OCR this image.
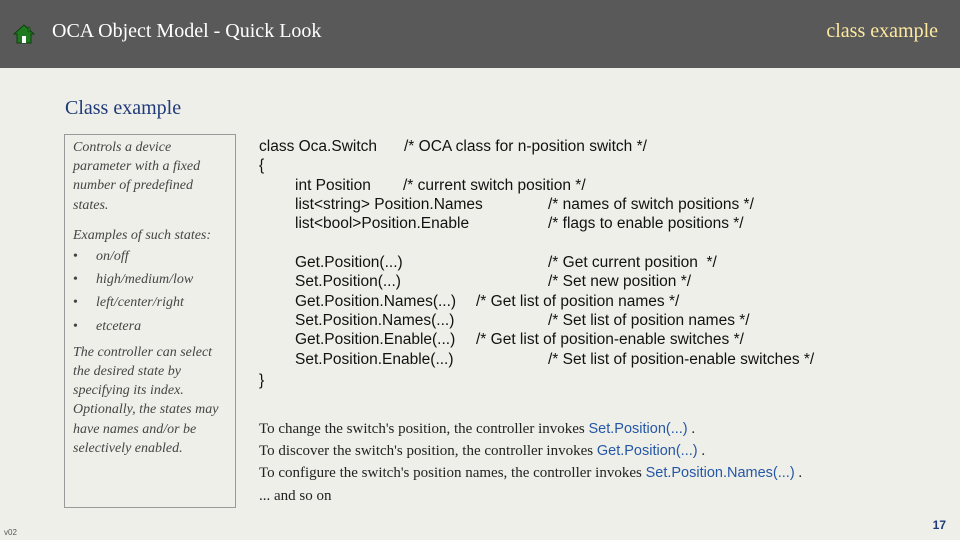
OCA Object Model - Quick Look	class example
Class example

Controls a device parameter with a fixed number of predefined states.

Examples of such states:

•	on/off
•	high/medium/low
•	left/center/right
•	etcetera

The controller can select the desired state by specifying its index. Optionally, the states may have names and/or be selectively enabled.

class Oca.Switch /* OCA class for n-position switch */
{
int Position /* current switch position */
list<string> Position.Names	/* names of switch positions */
list<bool>Position.Enable	/* flags to enable positions */
Get.Position(...)	/* Get current position  */
Set.Position(...)	/* Set new position */
Get.Position.Names(...) /* Get list of position names */
Set.Position.Names(...)	/* Set list of position names */
Get.Position.Enable(...) /* Get list of position-enable switches */
Set.Position.Enable(...)	/* Set list of position-enable switches */
}
To change the switch's position, the controller invokes Set.Position(...) .
To discover the switch's position, the controller invokes Get.Position(...) .
To configure the switch's position names, the controller invokes Set.Position.Names(...) .
... and so on
v02
17
